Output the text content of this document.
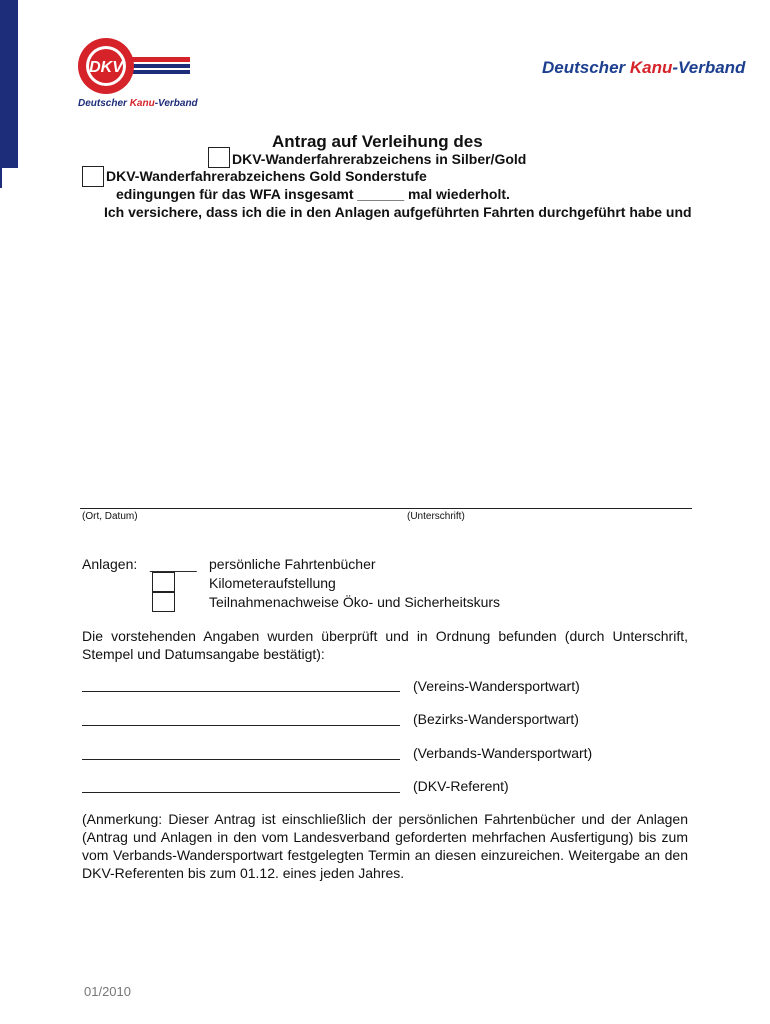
DKV
Deutscher Kanu-Verband
Deutscher Kanu-Verband
Antrag auf Verleihung des
DKV-Wanderfahrerabzeichens in Silber/Gold
DKV-Wanderfahrerabzeichens Gold Sonderstufe
edingungen für das WFA insgesamt ______ mal wiederholt.
Ich versichere, dass ich die in den Anlagen aufgeführten Fahrten durchgeführt habe und
(Ort, Datum)	(Unterschrift)
Anlagen: ______ persönliche Fahrtenbücher
Kilometeraufstellung
Teilnahmenachweise Öko- und Sicherheitskurs
Die vorstehenden Angaben wurden überprüft und in Ordnung befunden (durch Unterschrift, Stempel und Datumsangabe bestätigt):
(Vereins-Wandersportwart)
(Bezirks-Wandersportwart)
(Verbands-Wandersportwart)
(DKV-Referent)
(Anmerkung: Dieser Antrag ist einschließlich der persönlichen Fahrtenbücher und der Anlagen (Antrag und Anlagen in den vom Landesverband geforderten mehrfachen Ausfertigung) bis zum vom Verbands-Wandersportwart festgelegten Termin an diesen einzureichen. Weitergabe an den DKV-Referenten bis zum 01.12. eines jeden Jahres.
01/2010
